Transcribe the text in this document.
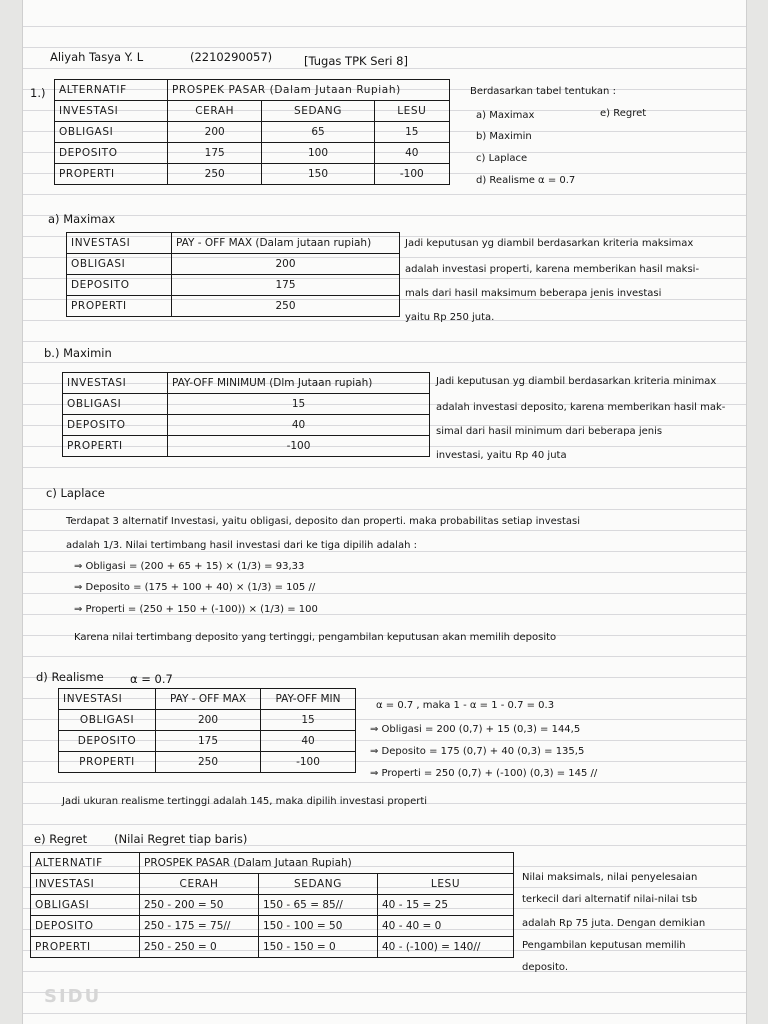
Aliyah Tasya Y. L	(2210290057)	[Tugas TPK Seri 8]
1.) ALTERNATIF	PROSPEK PASAR (Dalam Jutaan Rupiah)		
INVESTASI	CERAH	SEDANG	LESU
OBLIGASI	200	65	15
DEPOSITO	175	100	40
PROPERTI	250	150	-100
Berdasarkan tabel tentukan :
a) Maximax	e) Regret
b) Maximin
c) Laplace
d) Realisme α = 0.7
a) Maximax
INVESTASI	PAY - OFF MAX (Dalam jutaan rupiah)
OBLIGASI	200
DEPOSITO	175
PROPERTI	250
Jadi keputusan yg diambil berdasarkan kriteria maksimax
adalah investasi properti, karena memberikan hasil maksi-
mals dari hasil maksimum beberapa jenis investasi
yaitu Rp 250 juta.
b.) Maximin
INVESTASI	PAY-OFF MINIMUM (Dlm Jutaan rupiah)
OBLIGASI	15
DEPOSITO	40
PROPERTI	-100
Jadi keputusan yg diambil berdasarkan kriteria minimax
adalah investasi deposito, karena memberikan hasil mak-
simal dari hasil minimum dari beberapa jenis
investasi, yaitu Rp 40 juta
c) Laplace
Terdapat 3 alternatif Investasi, yaitu obligasi, deposito dan properti. maka probabilitas setiap investasi
adalah 1/3. Nilai tertimbang hasil investasi dari ke tiga dipilih adalah :
⇒ Obligasi = (200 + 65 + 15) × (1/3) = 93,33
⇒ Deposito = (175 + 100 + 40) × (1/3) = 105 //
⇒ Properti = (250 + 150 + (-100)) × (1/3) = 100
Karena nilai tertimbang deposito yang tertinggi, pengambilan keputusan akan memilih deposito
d) Realisme α = 0.7
INVESTASI	PAY - OFF MAX	PAY-OFF MIN
OBLIGASI	200	15
DEPOSITO	175	40
PROPERTI	250	-100
α = 0.7 , maka 1 - α = 1 - 0.7 = 0.3
⇒ Obligasi = 200 (0,7) + 15 (0,3) = 144,5
⇒ Deposito = 175 (0,7) + 40 (0,3) = 135,5
⇒ Properti = 250 (0,7) + (-100) (0,3) = 145 //
Jadi ukuran realisme tertinggi adalah 145, maka dipilih investasi properti
e) Regret (Nilai Regret tiap baris)
ALTERNATIF	PROSPEK PASAR (Dalam Jutaan Rupiah)		
INVESTASI	CERAH	SEDANG	LESU
OBLIGASI	250 - 200 = 50	150 - 65 = 85//	40 - 15 = 25
DEPOSITO	250 - 175 = 75//	150 - 100 = 50	40 - 40 = 0
PROPERTI	250 - 250 = 0	150 - 150 = 0	40 - (-100) = 140//
Nilai maksimals, nilai penyelesaian
terkecil dari alternatif nilai-nilai tsb
adalah Rp 75 juta. Dengan demikian
Pengambilan keputusan memilih
deposito.
SIDU
